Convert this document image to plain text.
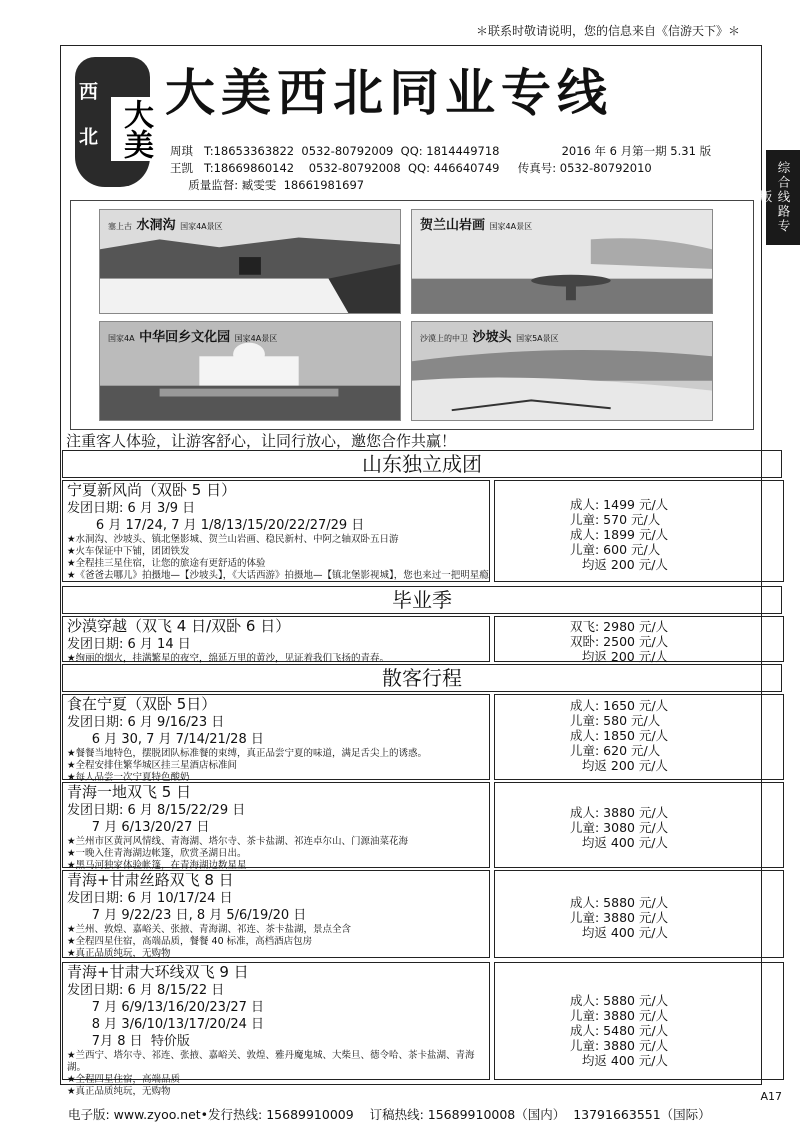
＊联系时敬请说明，您的信息来自《信游天下》＊
西
北 大美
大美西北同业专线
周琪   T:18653363822  0532-80792009  QQ: 1814449718                 2016 年 6 月第一期 5.31 版
王凯   T:18669860142    0532-80792008  QQ: 446640749     传真号: 0532-80792010
质量监督: 臧雯雯  18661981697	综合线路专版
塞上古 水洞沟 国家4A景区	贺兰山岩画 国家4A景区
国家4A 中华回乡文化园 国家4A景区	沙漠上的中卫 沙坡头 国家5A景区
注重客人体验，让游客舒心，让同行放心，邀您合作共赢！
山东独立成团
宁夏新风尚（双卧 5 日）
发团日期: 6 月 3/9 日
6 月 17/24, 7 月 1/8/13/15/20/22/27/29 日
★水洞沟、沙坡头、镇北堡影城、贺兰山岩画、稳民新村、中阿之轴双卧五日游
★火车保证中下铺，团团铁发
★全程挂三星住宿，让您的旅途有更舒适的体验
★《爸爸去哪儿》拍摄地—【沙坡头】，《大话西游》拍摄地—【镇北堡影视城】，您也来过一把明星瘾
成人: 1499 元/人
儿童: 570 元/人
成人: 1899 元/人
儿童: 600 元/人
均返 200 元/人
毕业季
沙漠穿越（双飞 4 日/双卧 6 日）
发团日期: 6 月 14 日
★绚丽的烟火，挂满繁星的夜空，绵延万里的黄沙，见证着我们飞扬的青春。
双飞: 2980 元/人
双卧: 2500 元/人
均返 200 元/人
散客行程
食在宁夏（双卧 5日）
发团日期: 6 月 9/16/23 日
6 月 30, 7 月 7/14/21/28 日
★餐餐当地特色，摆脱团队标准餐的束缚，真正品尝宁夏的味道，满足舌尖上的诱惑。
★全程安排住繁华城区挂三星酒店标准间
★每人品尝一次宁夏特色酸奶
成人: 1650 元/人
儿童: 580 元/人
成人: 1850 元/人
儿童: 620 元/人
均返 200 元/人
青海一地双飞 5 日
发团日期: 6 月 8/15/22/29 日
7 月 6/13/20/27 日
★兰州市区黄河风情线、青海湖、塔尔寺、茶卡盐湖、祁连卓尔山、门源油菜花海
★一晚入住青海湖边帐篷，欣赏圣湖日出。
★黑马河独家体验帐篷，在青海湖边数星星
成人: 3880 元/人
儿童: 3080 元/人
均返 400 元/人
青海+甘肃丝路双飞 8 日
发团日期: 6 月 10/17/24 日
7 月 9/22/23 日, 8 月 5/6/19/20 日
★兰州、敦煌、嘉峪关、张掖、青海湖、祁连、茶卡盐湖，景点全含
★全程四星住宿，高端品质，餐餐 40 标准，高档酒店包房
★真正品质纯玩，无购物
成人: 5880 元/人
儿童: 3880 元/人
均返 400 元/人
青海+甘肃大环线双飞 9 日
发团日期: 6 月 8/15/22 日
7 月 6/9/13/16/20/23/27 日
8 月 3/6/10/13/17/20/24 日
7月 8 日  特价版
★兰西宁、塔尔寺、祁连、张掖、嘉峪关、敦煌、雅丹魔鬼城、大柴旦、德令哈、茶卡盐湖、青海湖。
★全程四星住宿，高端品质
★真正品质纯玩，无购物
成人: 5880 元/人
儿童: 3880 元/人
成人: 5480 元/人
儿童: 3880 元/人
均返 400 元/人

电子版: www.zyoo.net•发行热线: 15689910009    订稿热线: 15689910008（国内）  13791663551（国际）

A17
